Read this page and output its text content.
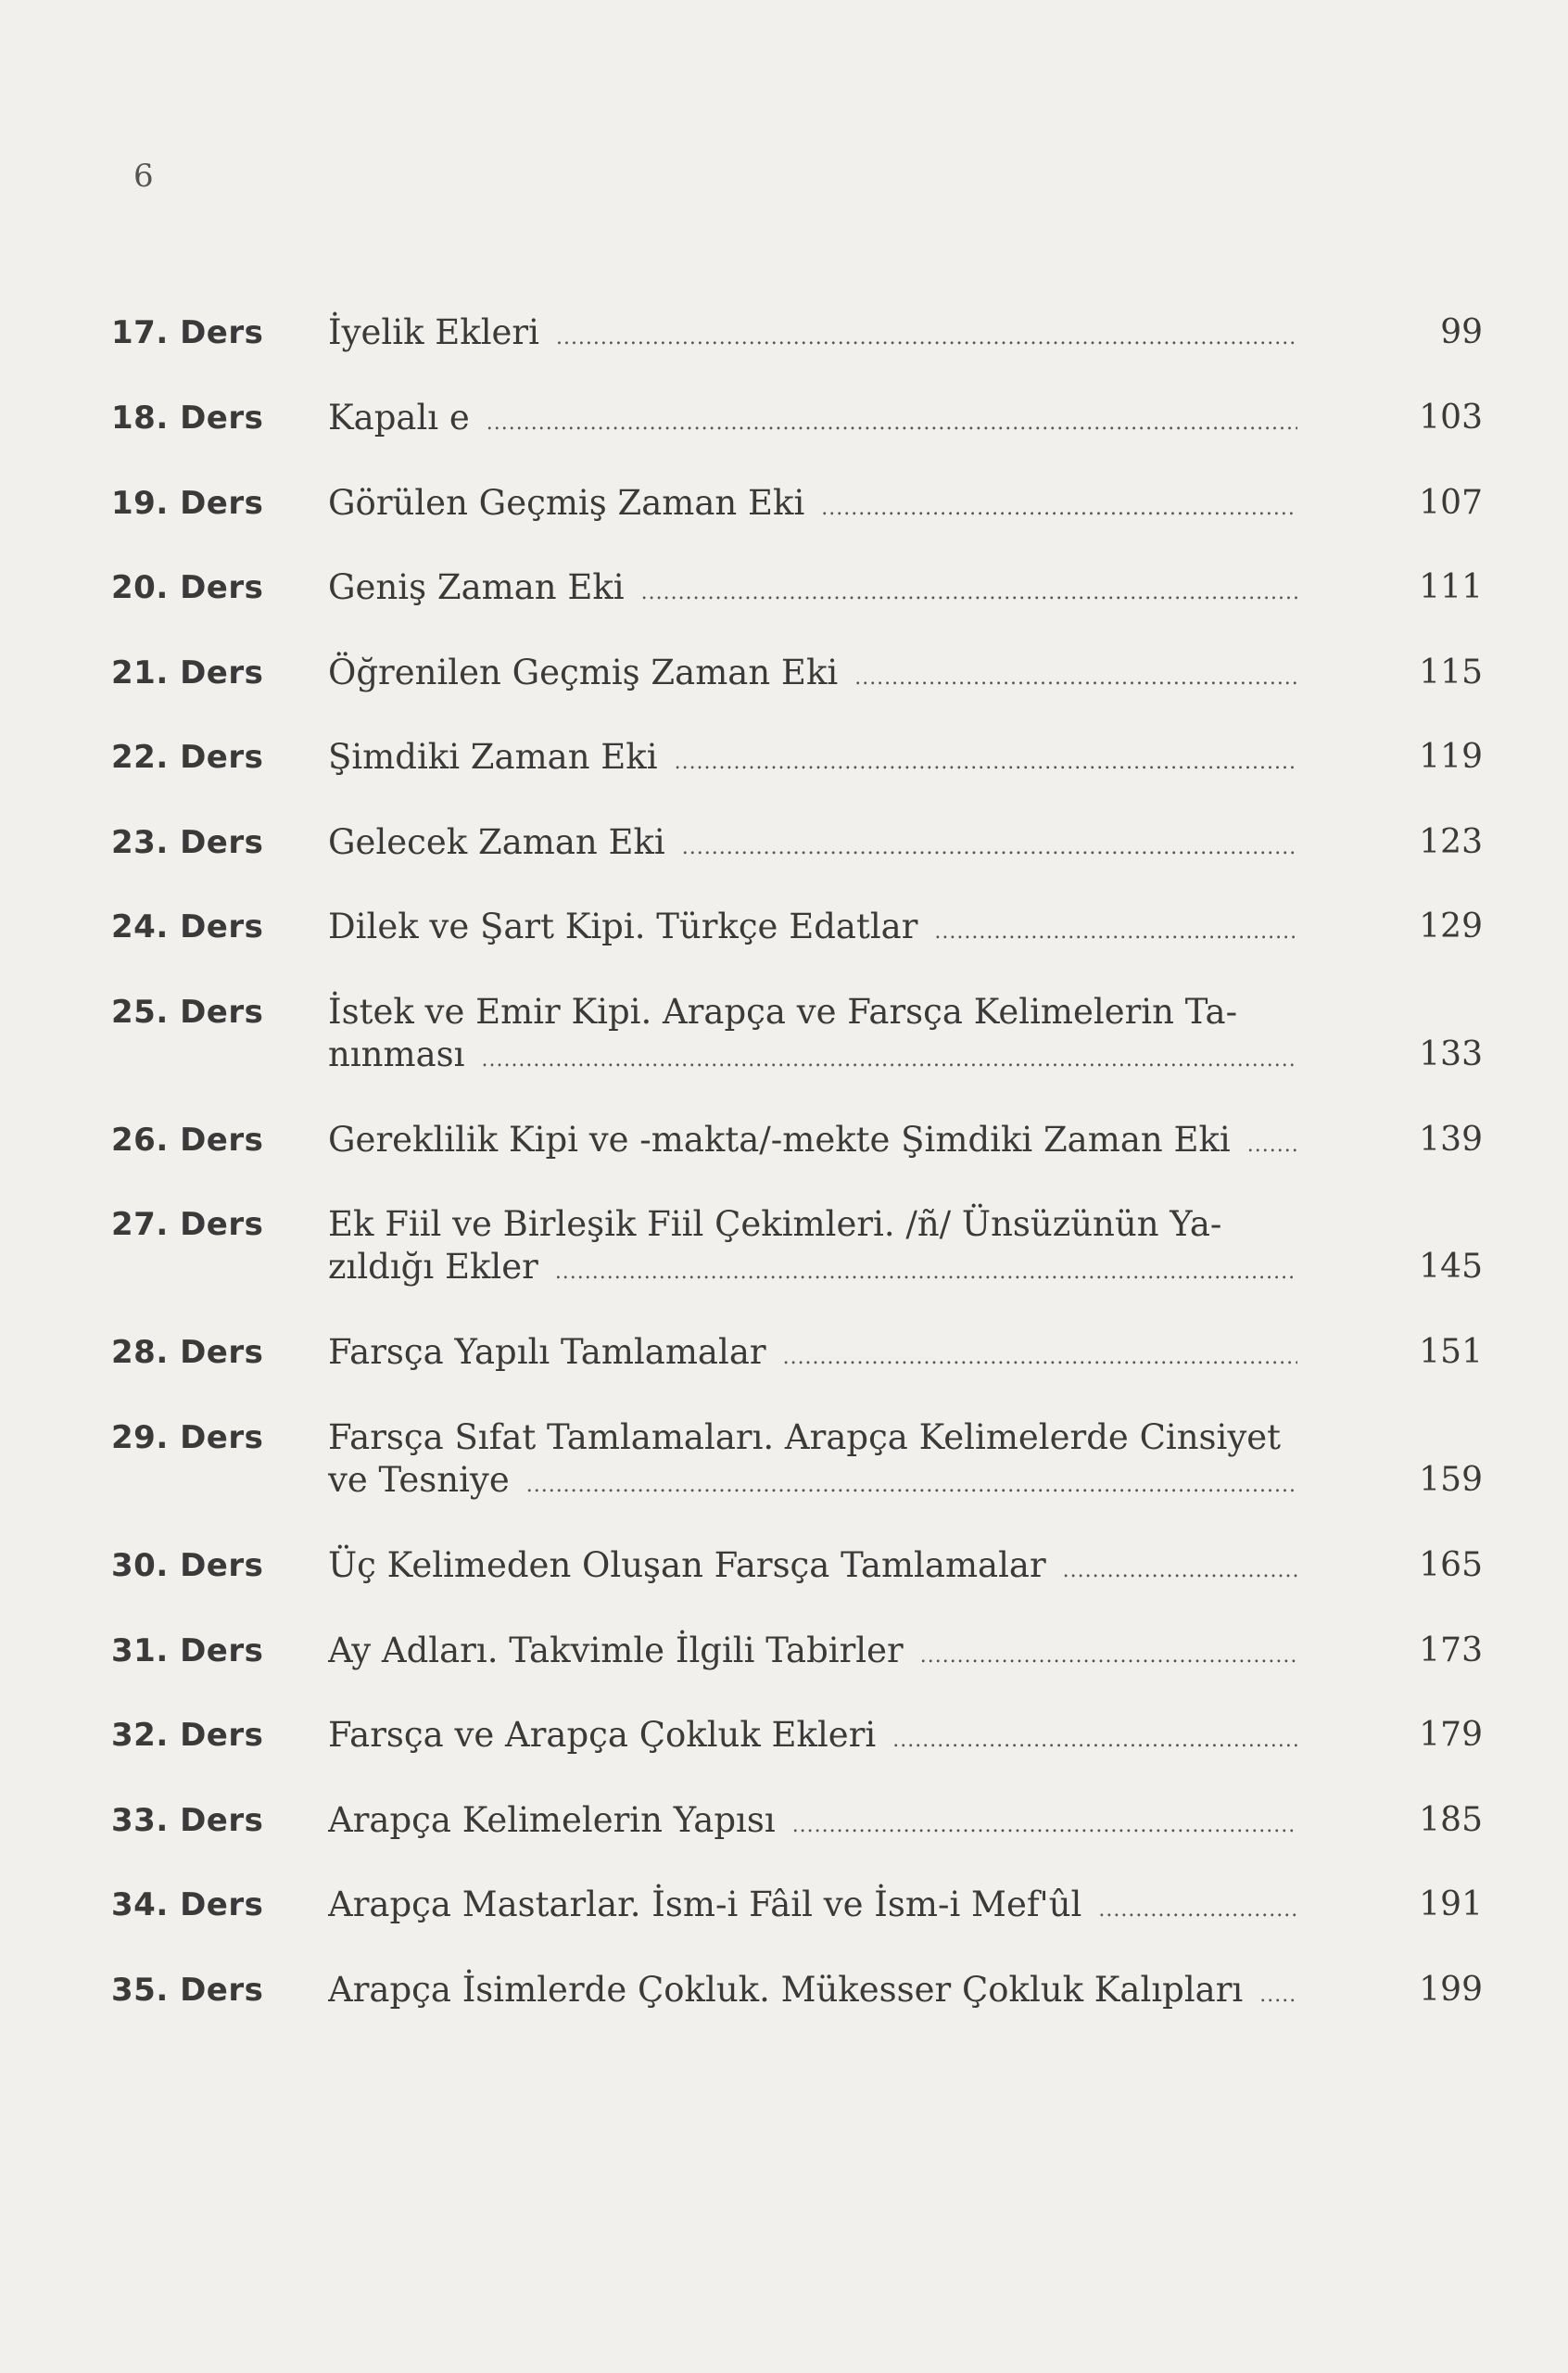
6
17. Ders	İyelik Ekleri .....	99
18. Ders	Kapalı e .....	103
19. Ders	Görülen Geçmiş Zaman Eki .....	107
20. Ders	Geniş Zaman Eki .....	111
21. Ders	Öğrenilen Geçmiş Zaman Eki .....	115
22. Ders	Şimdiki Zaman Eki .....	119
23. Ders	Gelecek Zaman Eki .....	123
24. Ders	Dilek ve Şart Kipi. Türkçe Edatlar .....	129
25. Ders	İstek ve Emir Kipi. Arapça ve Farsça Kelimelerin Ta-
nınması .....	133
26. Ders	Gereklilik Kipi ve -makta/-mekte Şimdiki Zaman Eki .....	139
27. Ders	Ek Fiil ve Birleşik Fiil Çekimleri. /ñ/ Ünsüzünün Ya-
zıldığı Ekler .....	145
28. Ders	Farsça Yapılı Tamlamalar .....	151
29. Ders	Farsça Sıfat Tamlamaları. Arapça Kelimelerde Cinsiyet
ve Tesniye .....	159
30. Ders	Üç Kelimeden Oluşan Farsça Tamlamalar .....	165
31. Ders	Ay Adları. Takvimle İlgili Tabirler .....	173
32. Ders	Farsça ve Arapça Çokluk Ekleri .....	179
33. Ders	Arapça Kelimelerin Yapısı .....	185
34. Ders	Arapça Mastarlar. İsm-i Fâil ve İsm-i Mef'ûl .....	191
35. Ders	Arapça İsimlerde Çokluk. Mükesser Çokluk Kalıpları .....	199
